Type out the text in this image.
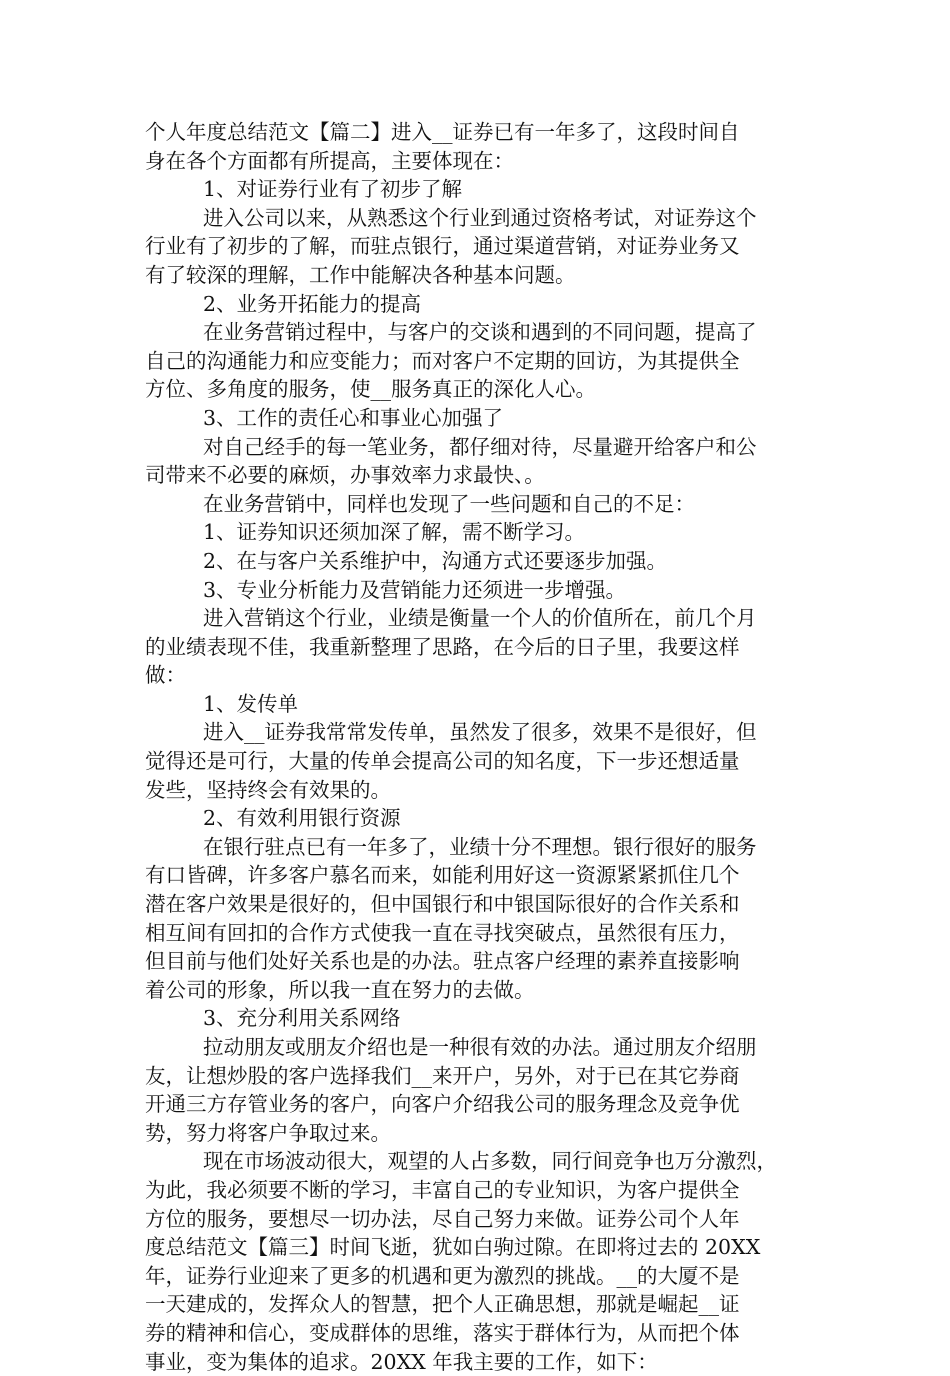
个人年度总结范文【篇二】进入__证券已有一年多了，这段时间自
身在各个方面都有所提高，主要体现在：
1、对证券行业有了初步了解
进入公司以来，从熟悉这个行业到通过资格考试，对证券这个
行业有了初步的了解，而驻点银行，通过渠道营销，对证券业务又
有了较深的理解，工作中能解决各种基本问题。
2、业务开拓能力的提高
在业务营销过程中，与客户的交谈和遇到的不同问题，提高了
自己的沟通能力和应变能力；而对客户不定期的回访，为其提供全
方位、多角度的服务，使__服务真正的深化人心。
3、工作的责任心和事业心加强了
对自己经手的每一笔业务，都仔细对待，尽量避开给客户和公
司带来不必要的麻烦，办事效率力求最快、。
在业务营销中，同样也发现了一些问题和自己的不足：
1、证券知识还须加深了解，需不断学习。
2、在与客户关系维护中，沟通方式还要逐步加强。
3、专业分析能力及营销能力还须进一步增强。
进入营销这个行业，业绩是衡量一个人的价值所在，前几个月
的业绩表现不佳，我重新整理了思路，在今后的日子里，我要这样
做：
1、发传单
进入__证券我常常发传单，虽然发了很多，效果不是很好，但
觉得还是可行，大量的传单会提高公司的知名度，下一步还想适量
发些，坚持终会有效果的。
2、有效利用银行资源
在银行驻点已有一年多了，业绩十分不理想。银行很好的服务
有口皆碑，许多客户慕名而来，如能利用好这一资源紧紧抓住几个
潜在客户效果是很好的，但中国银行和中银国际很好的合作关系和
相互间有回扣的合作方式使我一直在寻找突破点，虽然很有压力，
但目前与他们处好关系也是的办法。驻点客户经理的素养直接影响
着公司的形象，所以我一直在努力的去做。
3、充分利用关系网络
拉动朋友或朋友介绍也是一种很有效的办法。通过朋友介绍朋
友，让想炒股的客户选择我们__来开户，另外，对于已在其它券商
开通三方存管业务的客户，向客户介绍我公司的服务理念及竞争优
势，努力将客户争取过来。
现在市场波动很大，观望的人占多数，同行间竞争也万分激烈，
为此，我必须要不断的学习，丰富自己的专业知识，为客户提供全
方位的服务，要想尽一切办法，尽自己努力来做。证券公司个人年
度总结范文【篇三】时间飞逝，犹如白驹过隙。在即将过去的 20XX
年，证券行业迎来了更多的机遇和更为激烈的挑战。__的大厦不是
一天建成的，发挥众人的智慧，把个人正确思想，那就是崛起__证
券的精神和信心，变成群体的思维，落实于群体行为，从而把个体
事业，变为集体的追求。20XX 年我主要的工作，如下：
